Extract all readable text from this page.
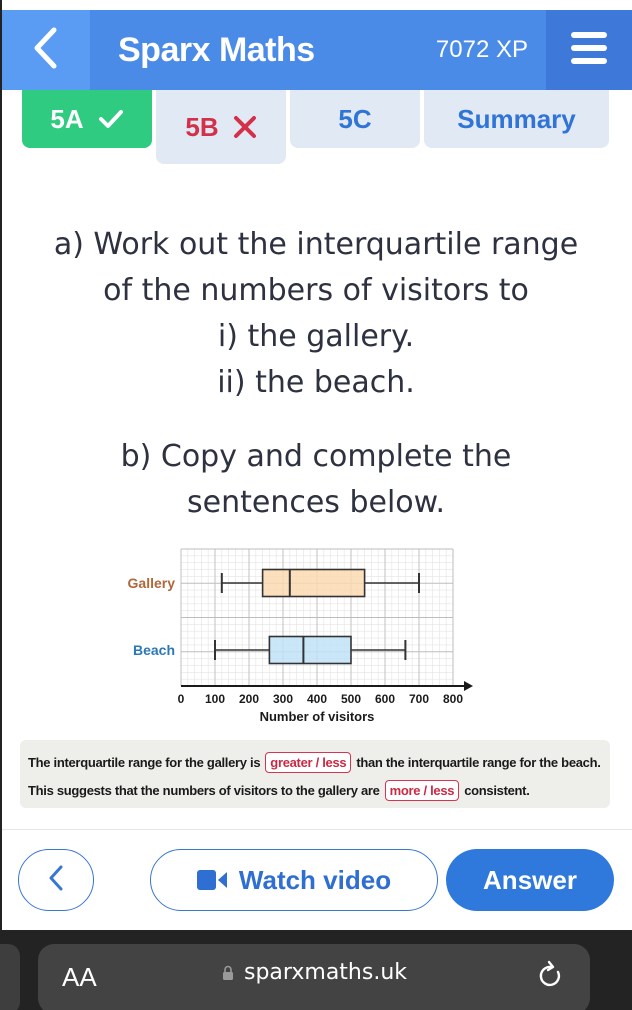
Sparx Maths	7072 XP
5A	5B	5C	Summary
a) Work out the interquartile range
of the numbers of visitors to
i) the gallery.
ii) the beach.
b) Copy and complete the
sentences below.
0 100 200 300 400 500 600 700 800
Number of visitors
Gallery
Beach
The interquartile range for the gallery is greater / less than the interquartile range for the beach.
This suggests that the numbers of visitors to the gallery are more / less consistent.
Watch video	Answer
AA	sparxmaths.uk
